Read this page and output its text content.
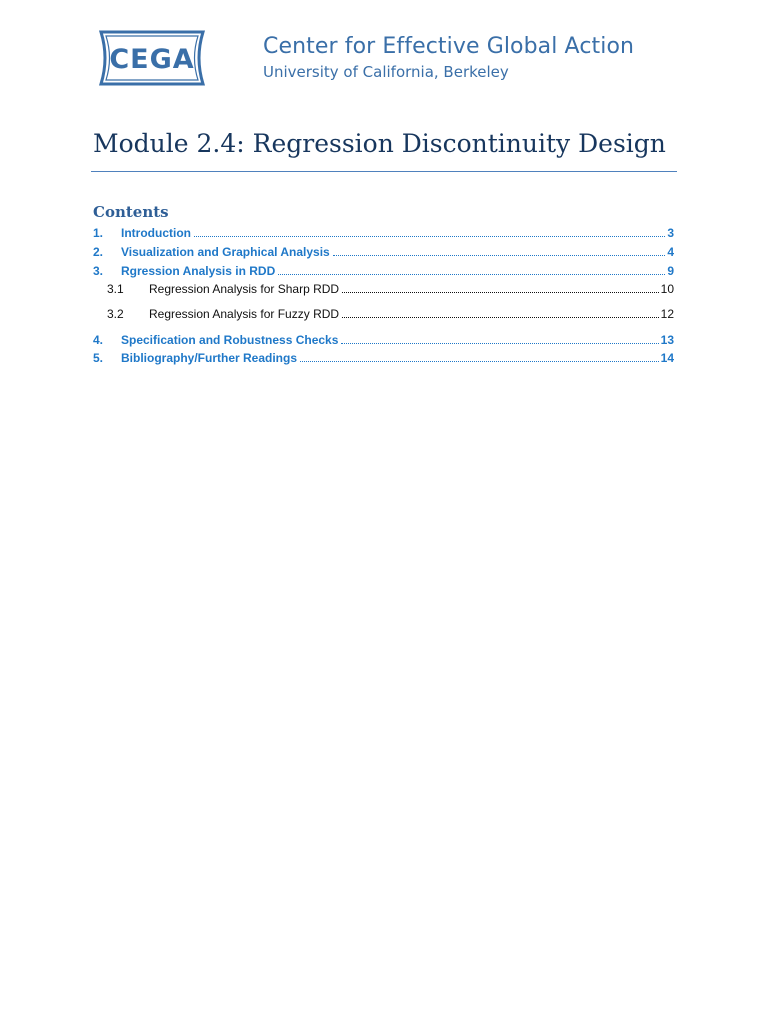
CEGA	Center for Effective Global Action
University of California, Berkeley
Module 2.4: Regression Discontinuity Design
Contents
1.	Introduction	3
2.	Visualization and Graphical Analysis	4
3.	Rgression Analysis in RDD	9
3.1	Regression Analysis for Sharp RDD	10
3.2	Regression Analysis for Fuzzy RDD	12
4.	Specification and Robustness Checks	13
5.	Bibliography/Further Readings	14
